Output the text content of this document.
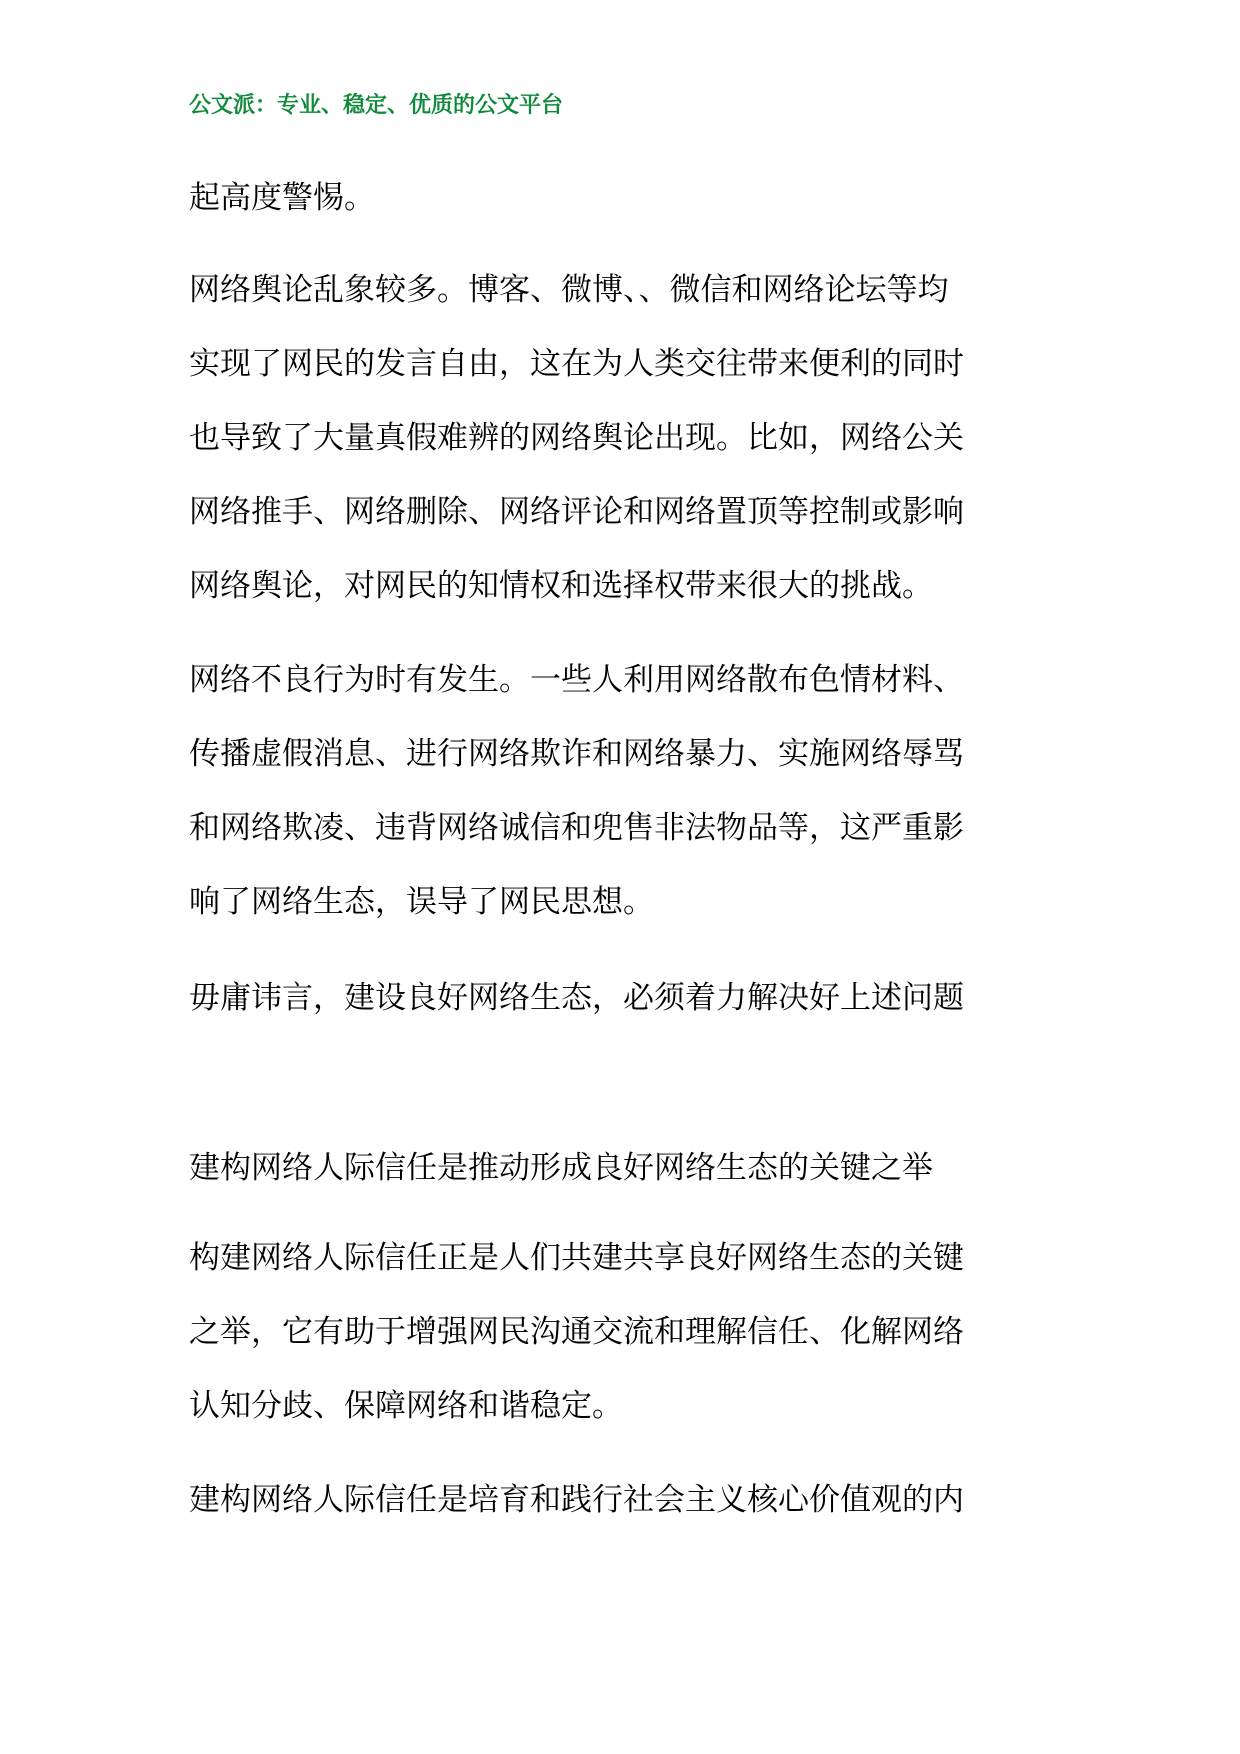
公文派：专业、稳定、优质的公文平台

起高度警惕。

网络舆论乱象较多。博客、微博、、微信和网络论坛等均
实现了网民的发言自由，这在为人类交往带来便利的同时
也导致了大量真假难辨的网络舆论出现。比如，网络公关
网络推手、网络删除、网络评论和网络置顶等控制或影响
网络舆论，对网民的知情权和选择权带来很大的挑战。

网络不良行为时有发生。一些人利用网络散布色情材料、
传播虚假消息、进行网络欺诈和网络暴力、实施网络辱骂
和网络欺凌、违背网络诚信和兜售非法物品等，这严重影
响了网络生态，误导了网民思想。

毋庸讳言，建设良好网络生态，必须着力解决好上述问题

建构网络人际信任是推动形成良好网络生态的关键之举

构建网络人际信任正是人们共建共享良好网络生态的关键
之举，它有助于增强网民沟通交流和理解信任、化解网络
认知分歧、保障网络和谐稳定。

建构网络人际信任是培育和践行社会主义核心价值观的内
